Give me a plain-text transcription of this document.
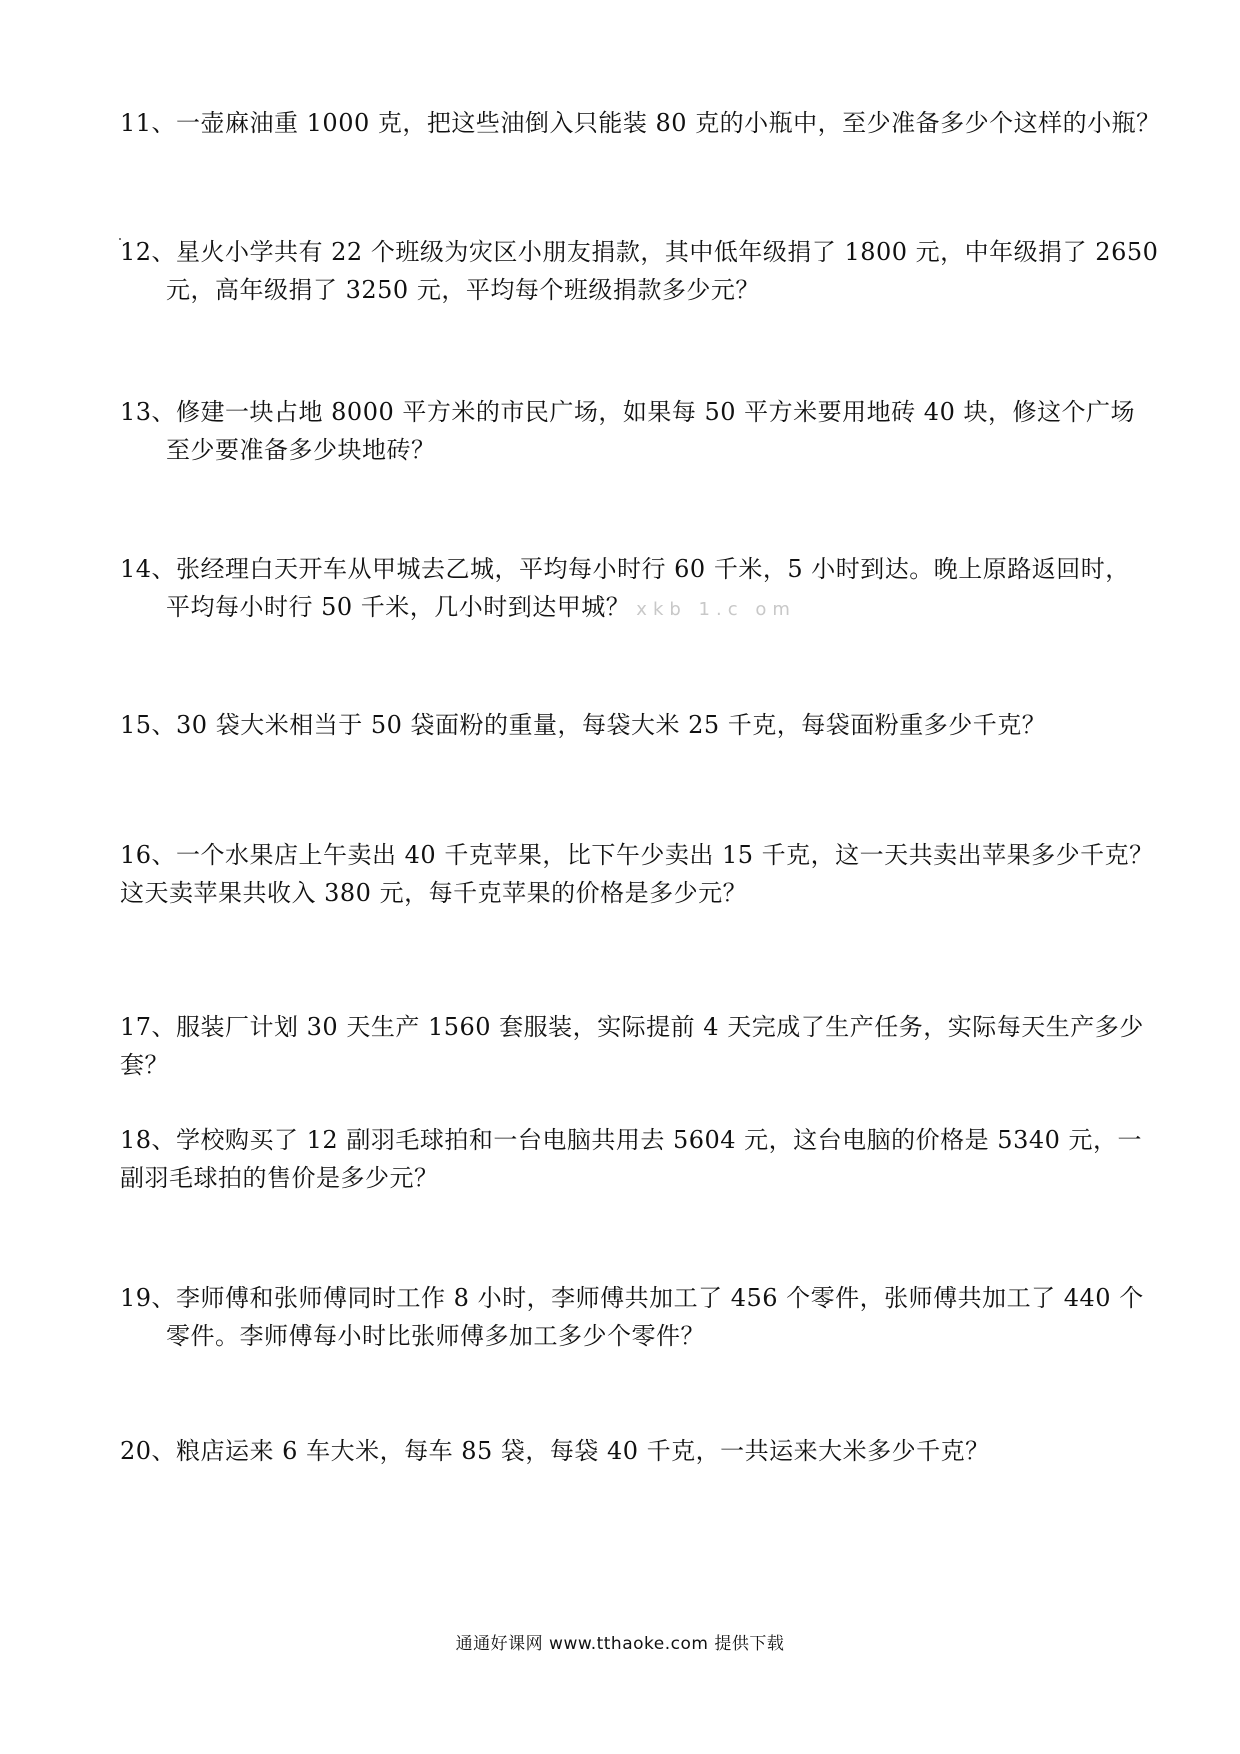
11、一壶麻油重 1000 克，把这些油倒入只能装 80 克的小瓶中，至少准备多少个这样的小瓶？
12、星火小学共有 22 个班级为灾区小朋友捐款，其中低年级捐了 1800 元，中年级捐了 2650
元，高年级捐了 3250 元，平均每个班级捐款多少元？
13、修建一块占地 8000 平方米的市民广场，如果每 50 平方米要用地砖 40 块，修这个广场
至少要准备多少块地砖？
14、张经理白天开车从甲城去乙城，平均每小时行 60 千米，5 小时到达。晚上原路返回时，
平均每小时行 50 千米，几小时到达甲城？ xkb 1.c om
15、30 袋大米相当于 50 袋面粉的重量，每袋大米 25 千克，每袋面粉重多少千克？
16、一个水果店上午卖出 40 千克苹果，比下午少卖出 15 千克，这一天共卖出苹果多少千克？
这天卖苹果共收入 380 元，每千克苹果的价格是多少元？
17、服装厂计划 30 天生产 1560 套服装，实际提前 4 天完成了生产任务，实际每天生产多少
套？
18、学校购买了 12 副羽毛球拍和一台电脑共用去 5604 元，这台电脑的价格是 5340 元，一
副羽毛球拍的售价是多少元？
19、李师傅和张师傅同时工作 8 小时，李师傅共加工了 456 个零件，张师傅共加工了 440 个
零件。李师傅每小时比张师傅多加工多少个零件？
20、粮店运来 6 车大米，每车 85 袋，每袋 40 千克，一共运来大米多少千克？
通通好课网 www.tthaoke.com 提供下载
